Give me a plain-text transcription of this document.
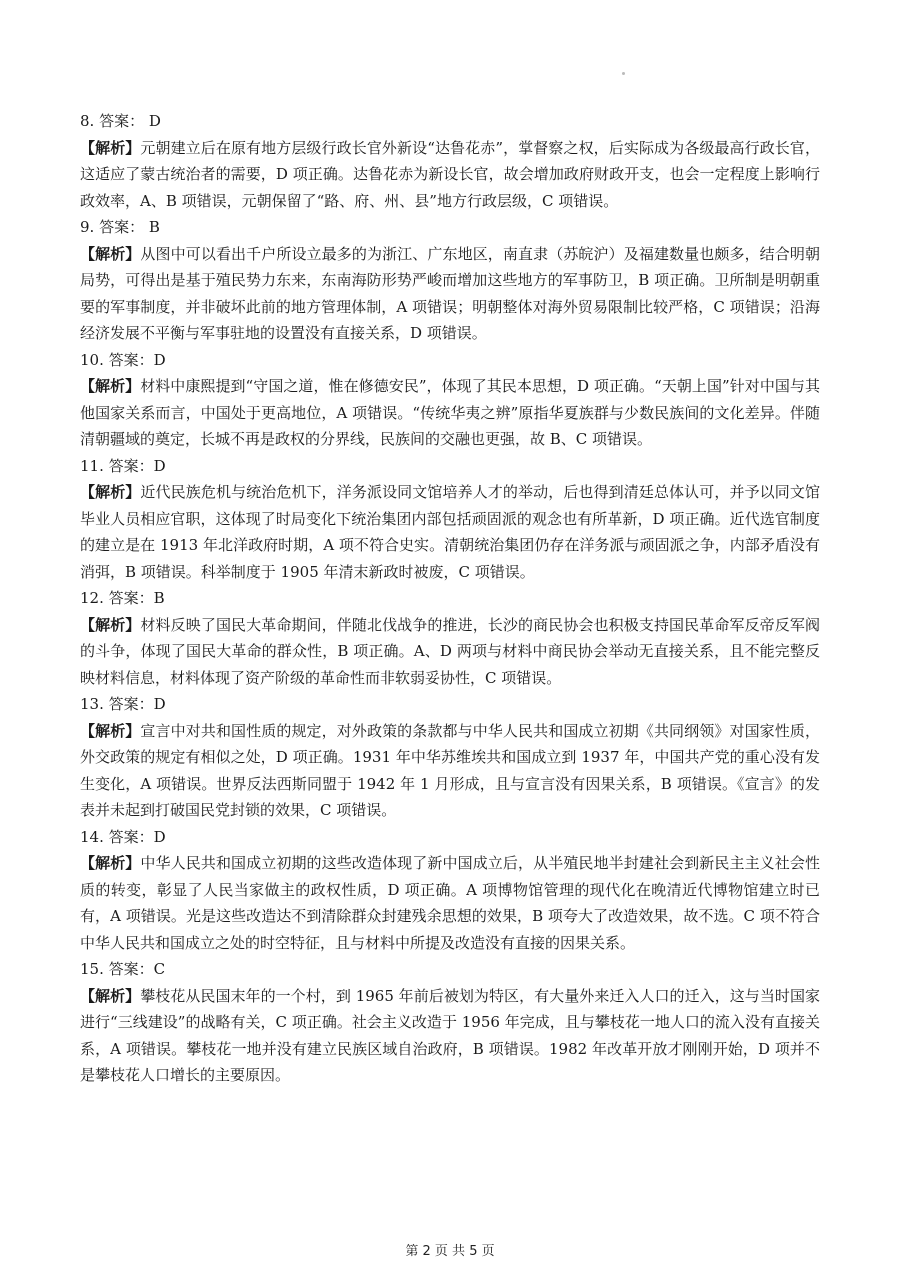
8. 答案： D

【解析】元朝建立后在原有地方层级行政长官外新设“达鲁花赤”，掌督察之权，后实际成为各级最高行政长官，这适应了蒙古统治者的需要，D 项正确。达鲁花赤为新设长官，故会增加政府财政开支，也会一定程度上影响行政效率，A、B 项错误，元朝保留了“路、府、州、县”地方行政层级，C 项错误。

9. 答案： B

【解析】从图中可以看出千户所设立最多的为浙江、广东地区，南直隶（苏皖沪）及福建数量也颇多，结合明朝局势，可得出是基于殖民势力东来，东南海防形势严峻而增加这些地方的军事防卫，B 项正确。卫所制是明朝重要的军事制度，并非破坏此前的地方管理体制，A 项错误；明朝整体对海外贸易限制比较严格，C 项错误；沿海经济发展不平衡与军事驻地的设置没有直接关系，D 项错误。

10. 答案：D

【解析】材料中康熙提到“守国之道，惟在修德安民”，体现了其民本思想，D 项正确。“天朝上国”针对中国与其他国家关系而言，中国处于更高地位，A 项错误。“传统华夷之辨”原指华夏族群与少数民族间的文化差异。伴随清朝疆域的奠定，长城不再是政权的分界线，民族间的交融也更强，故 B、C 项错误。

11. 答案：D

【解析】近代民族危机与统治危机下，洋务派设同文馆培养人才的举动，后也得到清廷总体认可，并予以同文馆毕业人员相应官职，这体现了时局变化下统治集团内部包括顽固派的观念也有所革新，D 项正确。近代选官制度的建立是在 1913 年北洋政府时期，A 项不符合史实。清朝统治集团仍存在洋务派与顽固派之争，内部矛盾没有消弭，B 项错误。科举制度于 1905 年清末新政时被废，C 项错误。

12. 答案：B

【解析】材料反映了国民大革命期间，伴随北伐战争的推进，长沙的商民协会也积极支持国民革命军反帝反军阀的斗争，体现了国民大革命的群众性，B 项正确。A、D 两项与材料中商民协会举动无直接关系，且不能完整反映材料信息，材料体现了资产阶级的革命性而非软弱妥协性，C 项错误。

13. 答案：D

【解析】宣言中对共和国性质的规定，对外政策的条款都与中华人民共和国成立初期《共同纲领》对国家性质，外交政策的规定有相似之处，D 项正确。1931 年中华苏维埃共和国成立到 1937 年，中国共产党的重心没有发生变化，A 项错误。世界反法西斯同盟于 1942 年 1 月形成，且与宣言没有因果关系，B 项错误。《宣言》的发表并未起到打破国民党封锁的效果，C 项错误。

14. 答案：D

【解析】中华人民共和国成立初期的这些改造体现了新中国成立后，从半殖民地半封建社会到新民主主义社会性质的转变，彰显了人民当家做主的政权性质，D 项正确。A 项博物馆管理的现代化在晚清近代博物馆建立时已有，A 项错误。光是这些改造达不到清除群众封建残余思想的效果，B 项夸大了改造效果，故不选。C 项不符合中华人民共和国成立之处的时空特征，且与材料中所提及改造没有直接的因果关系。

15. 答案：C

【解析】攀枝花从民国末年的一个村，到 1965 年前后被划为特区，有大量外来迁入人口的迁入，这与当时国家进行“三线建设”的战略有关，C 项正确。社会主义改造于 1956 年完成，且与攀枝花一地人口的流入没有直接关系，A 项错误。攀枝花一地并没有建立民族区域自治政府，B 项错误。1982 年改革开放才刚刚开始，D 项并不是攀枝花人口增长的主要原因。

第 2 页 共 5 页
